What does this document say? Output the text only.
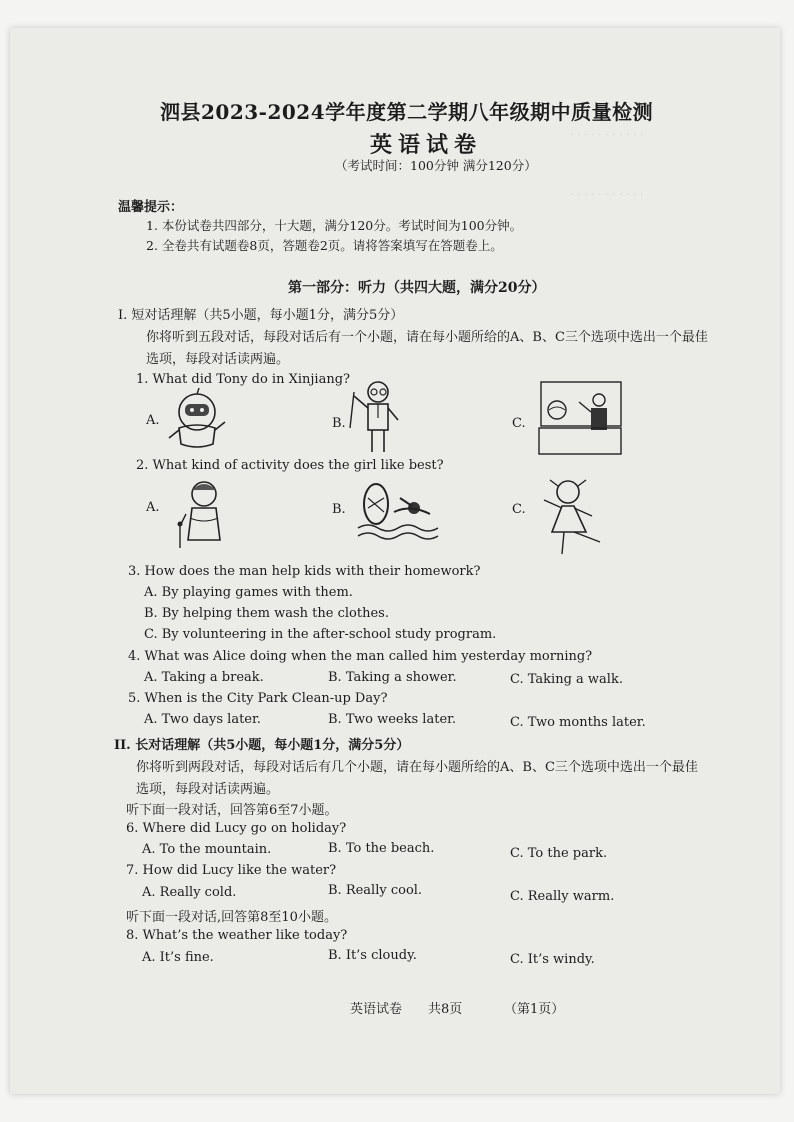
· · · · · · · · · · ·
· · · · · · · · · · ·
泗县2023-2024学年度第二学期八年级期中质量检测
英语试卷
（考试时间：100分钟 满分120分）
温馨提示：
1. 本份试卷共四部分，十大题，满分120分。考试时间为100分钟。
2. 全卷共有试题卷8页，答题卷2页。请将答案填写在答题卷上。
第一部分：听力（共四大题，满分20分）
Ⅰ. 短对话理解（共5小题，每小题1分，满分5分）
你将听到五段对话，每段对话后有一个小题，请在每小题所给的A、B、C三个选项中选出一个最佳
选项，每段对话读两遍。
1. What did Tony do in Xinjiang?
A.	B.	C.
2. What kind of activity does the girl like best?
A.	B.	C.
3. How does the man help kids with their homework?
A. By playing games with them.
B. By helping them wash the clothes.
C. By volunteering in the after-school study program.
4. What was Alice doing when the man called him yesterday morning?
A. Taking a break.	B. Taking a shower.	C. Taking a walk.
5. When is the City Park Clean-up Day?
A. Two days later.	B. Two weeks later.	C. Two months later.
II. 长对话理解（共5小题，每小题1分，满分5分）
你将听到两段对话，每段对话后有几个小题，请在每小题所给的A、B、C三个选项中选出一个最佳
选项，每段对话读两遍。
听下面一段对话，回答第6至7小题。
6. Where did Lucy go on holiday?
A. To the mountain.	B. To the beach.	C. To the park.
7. How did Lucy like the water?
A. Really cold.	B. Really cool.	C. Really warm.
听下面一段对话,回答第8至10小题。
8. What’s the weather like today?
A. It’s fine.	B. It’s cloudy.	C. It’s windy.
英语试卷 共8页	（第1页）
